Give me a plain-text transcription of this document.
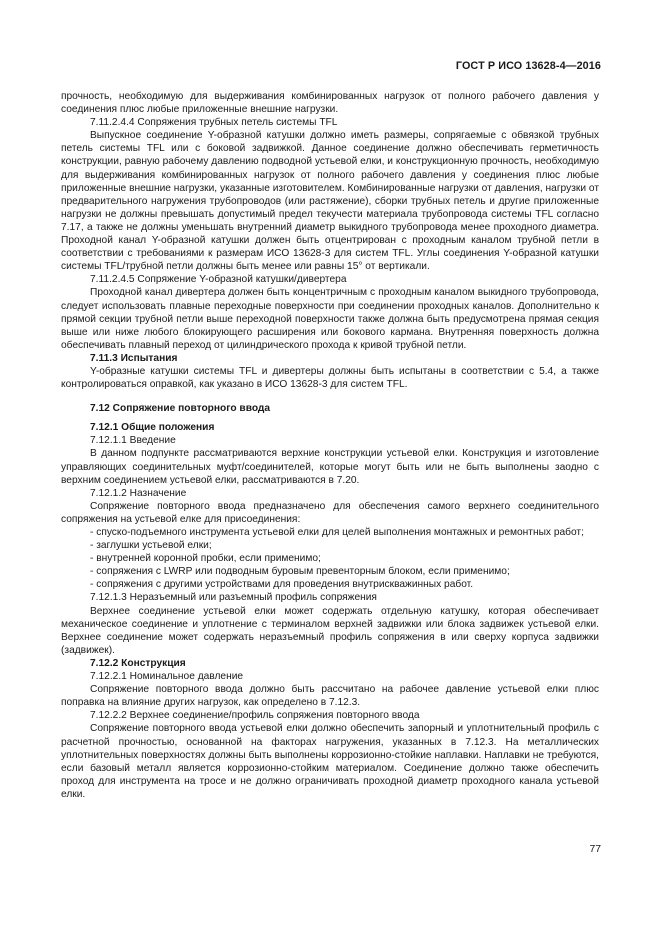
ГОСТ Р ИСО 13628-4—2016

прочность, необходимую для выдерживания комбинированных нагрузок от полного рабочего давления у соединения плюс любые приложенные внешние нагрузки.

7.11.2.4.4 Сопряжения трубных петель системы TFL

Выпускное соединение Y-образной катушки должно иметь размеры, сопрягаемые с обвязкой трубных петель системы TFL или с боковой задвижкой. Данное соединение должно обеспечивать герметичность конструкции, равную рабочему давлению подводной устьевой елки, и конструкционную прочность, необходимую для выдерживания комбинированных нагрузок от полного рабочего давления у соединения плюс любые приложенные внешние нагрузки, указанные изготовителем. Комбинированные нагрузки от давления, нагрузки от предварительного нагружения трубопроводов (или растяжение), сборки трубных петель и другие приложенные нагрузки не должны превышать допустимый предел текучести материала трубопровода системы TFL согласно 7.17, а также не должны уменьшать внутренний диаметр выкидного трубопровода менее проходного диаметра. Проходной канал Y-образной катушки должен быть отцентрирован с проходным каналом трубной петли в соответствии с требованиями к размерам ИСО 13628-3 для систем TFL. Углы соединения Y-образной катушки системы TFL/трубной петли должны быть менее или равны 15° от вертикали.

7.11.2.4.5 Сопряжение Y-образной катушки/дивертера

Проходной канал дивертера должен быть концентричным с проходным каналом выкидного трубопровода, следует использовать плавные переходные поверхности при соединении проходных каналов. Дополнительно к прямой секции трубной петли выше переходной поверхности также должна быть предусмотрена прямая секция выше или ниже любого блокирующего расширения или бокового кармана. Внутренняя поверхность должна обеспечивать плавный переход от цилиндрического прохода к кривой трубной петли.

7.11.3 Испытания

Y-образные катушки системы TFL и дивертеры должны быть испытаны в соответствии с 5.4, а также контролироваться оправкой, как указано в ИСО 13628-3 для систем TFL.

7.12 Сопряжение повторного ввода

7.12.1 Общие положения

7.12.1.1 Введение

В данном подпункте рассматриваются верхние конструкции устьевой елки. Конструкция и изготовление управляющих соединительных муфт/соединителей, которые могут быть или не быть выполнены заодно с верхним соединением устьевой елки, рассматриваются в 7.20.

7.12.1.2 Назначение

Сопряжение повторного ввода предназначено для обеспечения самого верхнего соединительного сопряжения на устьевой елке для присоединения:

- спуско-подъемного инструмента устьевой елки для целей выполнения монтажных и ремонтных работ;

- заглушки устьевой елки;

- внутренней коронной пробки, если применимо;

- сопряжения с LWRP или подводным буровым превенторным блоком, если применимо;

- сопряжения с другими устройствами для проведения внутрискважинных работ.

7.12.1.3 Неразъемный или разъемный профиль сопряжения

Верхнее соединение устьевой елки может содержать отдельную катушку, которая обеспечивает механическое соединение и уплотнение с терминалом верхней задвижки или блока задвижек устьевой елки. Верхнее соединение может содержать неразъемный профиль сопряжения в или сверху корпуса задвижки (задвижек).

7.12.2 Конструкция

7.12.2.1 Номинальное давление

Сопряжение повторного ввода должно быть рассчитано на рабочее давление устьевой елки плюс поправка на влияние других нагрузок, как определено в 7.12.3.

7.12.2.2 Верхнее соединение/профиль сопряжения повторного ввода

Сопряжение повторного ввода устьевой елки должно обеспечить запорный и уплотнительный профиль с расчетной прочностью, основанной на факторах нагружения, указанных в 7.12.3. На металлических уплотнительных поверхностях должны быть выполнены коррозионно-стойкие наплавки. Наплавки не требуются, если базовый металл является коррозионно-стойким материалом. Соединение должно также обеспечить проход для инструмента на тросе и не должно ограничивать проходной диаметр проходного канала устьевой елки.

77
